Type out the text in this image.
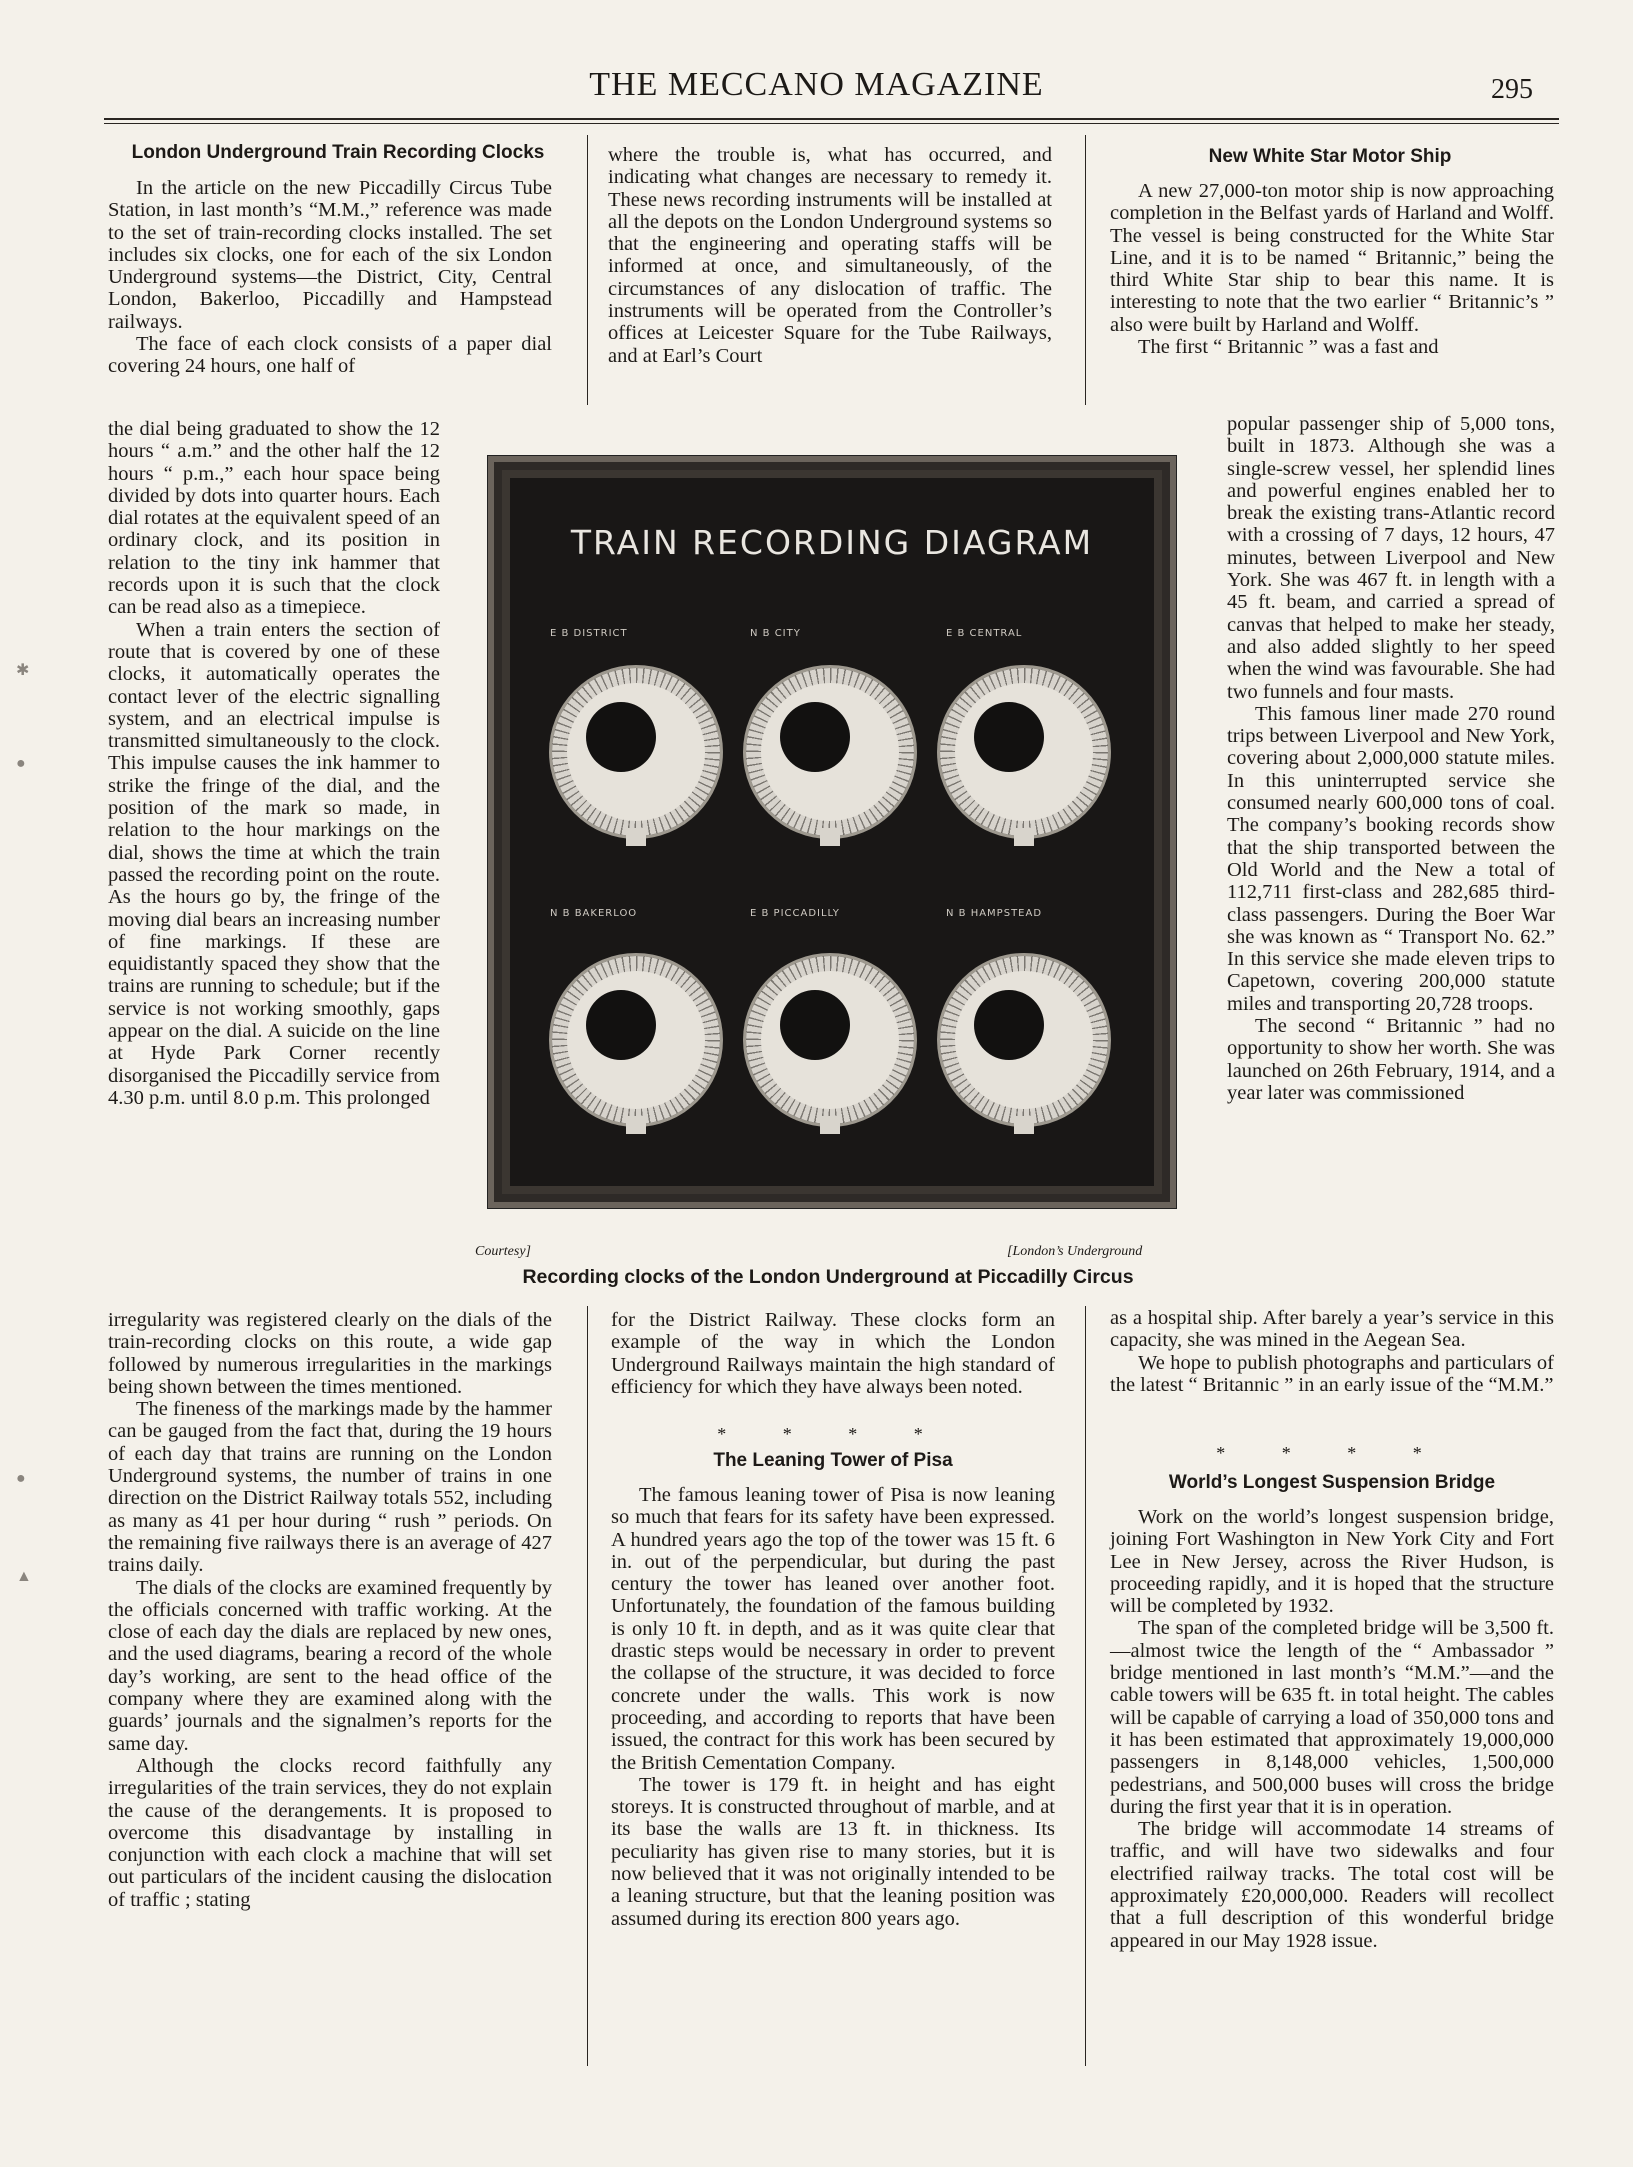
THE MECCANO MAGAZINE	295
London Underground Train Recording Clocks

In the article on the new Piccadilly Circus Tube Station, in last month’s “M.M.,” reference was made to the set of train-recording clocks installed. The set includes six clocks, one for each of the six London Underground systems—the District, City, Central London, Bakerloo, Piccadilly and Hampstead railways.

The face of each clock consists of a paper dial covering 24 hours, one half of

the dial being graduated to show the 12 hours “ a.m.” and the other half the 12 hours “ p.m.,” each hour space being divided by dots into quarter hours. Each dial rotates at the equivalent speed of an ordinary clock, and its position in relation to the tiny ink hammer that records upon it is such that the clock can be read also as a timepiece.

When a train enters the section of route that is covered by one of these clocks, it automatically operates the contact lever of the electric signalling system, and an electrical impulse is transmitted simultaneously to the clock. This impulse causes the ink hammer to strike the fringe of the dial, and the position of the mark so made, in relation to the hour markings on the dial, shows the time at which the train passed the recording point on the route. As the hours go by, the fringe of the moving dial bears an increasing number of fine markings. If these are equidistantly spaced they show that the trains are running to schedule; but if the service is not working smoothly, gaps appear on the dial. A suicide on the line at Hyde Park Corner recently disorganised the Piccadilly service from 4.30 p.m. until 8.0 p.m. This prolonged

irregularity was registered clearly on the dials of the train-recording clocks on this route, a wide gap followed by numerous irregularities in the markings being shown between the times mentioned.

The fineness of the markings made by the hammer can be gauged from the fact that, during the 19 hours of each day that trains are running on the London Underground systems, the number of trains in one direction on the District Railway totals 552, including as many as 41 per hour during “ rush ” periods. On the remaining five railways there is an average of 427 trains daily.

The dials of the clocks are examined frequently by the officials concerned with traffic working. At the close of each day the dials are replaced by new ones, and the used diagrams, bearing a record of the whole day’s working, are sent to the head office of the company where they are examined along with the guards’ journals and the signalmen’s reports for the same day.

Although the clocks record faithfully any irregularities of the train services, they do not explain the cause of the derangements. It is proposed to overcome this disadvantage by installing in conjunction with each clock a machine that will set out particulars of the incident causing the dislocation of traffic ; stating

where the trouble is, what has occurred, and indicating what changes are necessary to remedy it. These news recording instruments will be installed at all the depots on the London Underground systems so that the engineering and operating staffs will be informed at once, and simultaneously, of the circumstances of any dislocation of traffic. The instruments will be operated from the Controller’s offices at Leicester Square for the Tube Railways, and at Earl’s Court

for the District Railway. These clocks form an example of the way in which the London Underground Railways maintain the high standard of efficiency for which they have always been noted.

* * * *
The Leaning Tower of Pisa

The famous leaning tower of Pisa is now leaning so much that fears for its safety have been expressed. A hundred years ago the top of the tower was 15 ft. 6 in. out of the perpendicular, but during the past century the tower has leaned over another foot. Unfortunately, the foundation of the famous building is only 10 ft. in depth, and as it was quite clear that drastic steps would be necessary in order to prevent the collapse of the structure, it was decided to force concrete under the walls. This work is now proceeding, and according to reports that have been issued, the contract for this work has been secured by the British Cementation Company.

The tower is 179 ft. in height and has eight storeys. It is constructed throughout of marble, and at its base the walls are 13 ft. in thickness. Its peculiarity has given rise to many stories, but it is now believed that it was not originally intended to be a leaning structure, but that the leaning position was assumed during its erection 800 years ago.

New White Star Motor Ship

A new 27,000-ton motor ship is now approaching completion in the Belfast yards of Harland and Wolff. The vessel is being constructed for the White Star Line, and it is to be named “ Britannic,” being the third White Star ship to bear this name. It is interesting to note that the two earlier “ Britannic’s ” also were built by Harland and Wolff.

The first “ Britannic ” was a fast and

popular passenger ship of 5,000 tons, built in 1873. Although she was a single-screw vessel, her splendid lines and powerful engines enabled her to break the existing trans-Atlantic record with a crossing of 7 days, 12 hours, 47 minutes, between Liverpool and New York. She was 467 ft. in length with a 45 ft. beam, and carried a spread of canvas that helped to make her steady, and also added slightly to her speed when the wind was favourable. She had two funnels and four masts.

This famous liner made 270 round trips between Liverpool and New York, covering about 2,000,000 statute miles. In this uninterrupted service she consumed nearly 600,000 tons of coal. The company’s booking records show that the ship transported between the Old World and the New a total of 112,711 first-class and 282,685 third-class passengers. During the Boer War she was known as “ Transport No. 62.” In this service she made eleven trips to Capetown, covering 200,000 statute miles and transporting 20,728 troops.

The second “ Britannic ” had no opportunity to show her worth. She was launched on 26th February, 1914, and a year later was commissioned

as a hospital ship. After barely a year’s service in this capacity, she was mined in the Aegean Sea.

We hope to publish photographs and particulars of the latest “ Britannic ” in an early issue of the “M.M.”

* * * *
World’s Longest Suspension Bridge

Work on the world’s longest suspension bridge, joining Fort Washington in New York City and Fort Lee in New Jersey, across the River Hudson, is proceeding rapidly, and it is hoped that the structure will be completed by 1932.

The span of the completed bridge will be 3,500 ft.—almost twice the length of the “ Ambassador ” bridge mentioned in last month’s “M.M.”—and the cable towers will be 635 ft. in total height. The cables will be capable of carrying a load of 350,000 tons and it has been estimated that approximately 19,000,000 passengers in 8,148,000 vehicles, 1,500,000 pedestrians, and 500,000 buses will cross the bridge during the first year that it is in operation.

The bridge will accommodate 14 streams of traffic, and will have two sidewalks and four electrified railway tracks. The total cost will be approximately £20,000,000. Readers will recollect that a full description of this wonderful bridge appeared in our May 1928 issue.

TRAIN RECORDING DIAGRAM
E B DISTRICT	N B CITY	E B CENTRAL
N B BAKERLOO	E B PICCADILLY	N B HAMPSTEAD
Courtesy]	[London’s Underground
Recording clocks of the London Underground at Piccadilly Circus
✱
●
●
▲
